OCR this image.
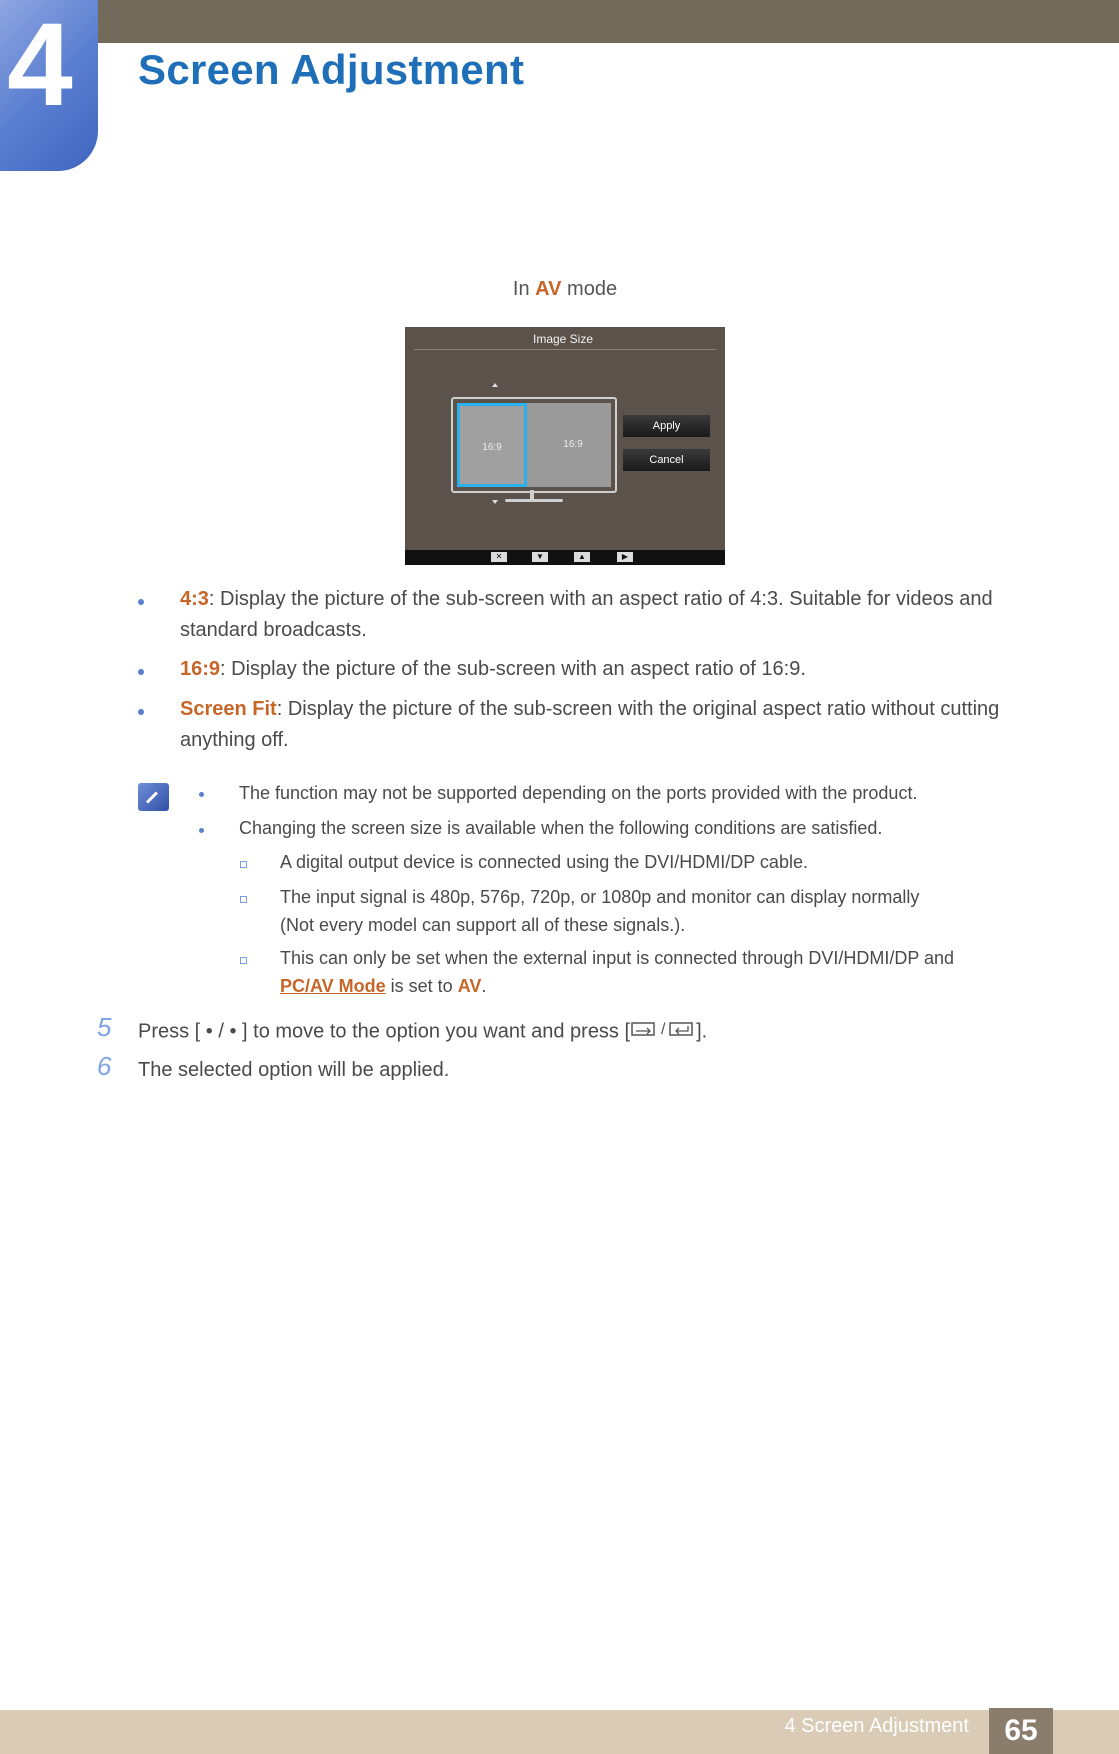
4 Screen Adjustment
In AV mode
Image Size
16:9	16:9
Apply
Cancel
✕	▼	▲	▶
4:3: Display the picture of the sub-screen with an aspect ratio of 4:3. Suitable for videos and
standard broadcasts.
16:9: Display the picture of the sub-screen with an aspect ratio of 16:9.
Screen Fit: Display the picture of the sub-screen with the original aspect ratio without cutting
anything off.
The function may not be supported depending on the ports provided with the product.
Changing the screen size is available when the following conditions are satisfied.
A digital output device is connected using the DVI/HDMI/DP cable.
The input signal is 480p, 576p, 720p, or 1080p and monitor can display normally
(Not every model can support all of these signals.).
This can only be set when the external input is connected through DVI/HDMI/DP and
PC/AV Mode is set to AV.
5 Press [ • / • ] to move to the option you want and press [ / ].
6 The selected option will be applied.
4 Screen Adjustment	65
